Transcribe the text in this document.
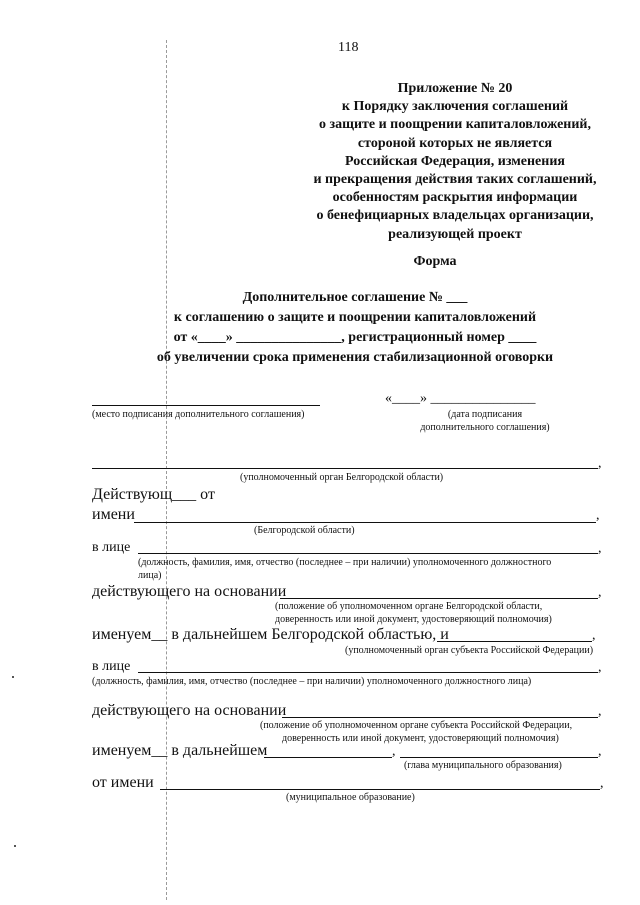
118
Приложение № 20
к Порядку заключения соглашений
о защите и поощрении капиталовложений,
стороной которых не является
Российская Федерация, изменения
и прекращения действия таких соглашений,
особенностям раскрытия информации
о бенефициарных владельцах организации,
реализующей проект
Форма
Дополнительное соглашение № ___
к соглашению о защите и поощрении капиталовложений
от «____» _______________, регистрационный номер ____
об увеличении срока применения стабилизационной оговорки
(место подписания дополнительного соглашения)
«____» _______________
(дата подписания
дополнительного соглашения)
,
(уполномоченный орган Белгородской области)
Действующ___ от
имени	,
(Белгородской области)
в лице	,
(должность, фамилия, имя, отчество (последнее – при наличии) уполномоченного должностного
лица)
действующего на основании	,
(положение об уполномоченном органе Белгородской области,
доверенность или иной документ, удостоверяющий полномочия)
именуем__ в дальнейшем Белгородской областью, и	,
(уполномоченный орган субъекта Российской Федерации)
в лице	,
(должность, фамилия, имя, отчество (последнее – при наличии) уполномоченного должностного лица)
действующего на основании	,
(положение об уполномоченном органе субъекта Российской Федерации,
доверенность или иной документ, удостоверяющий полномочия)
именуем__ в дальнейшем	,	,
(глава муниципального образования)
от имени	,
(муниципальное образование)
